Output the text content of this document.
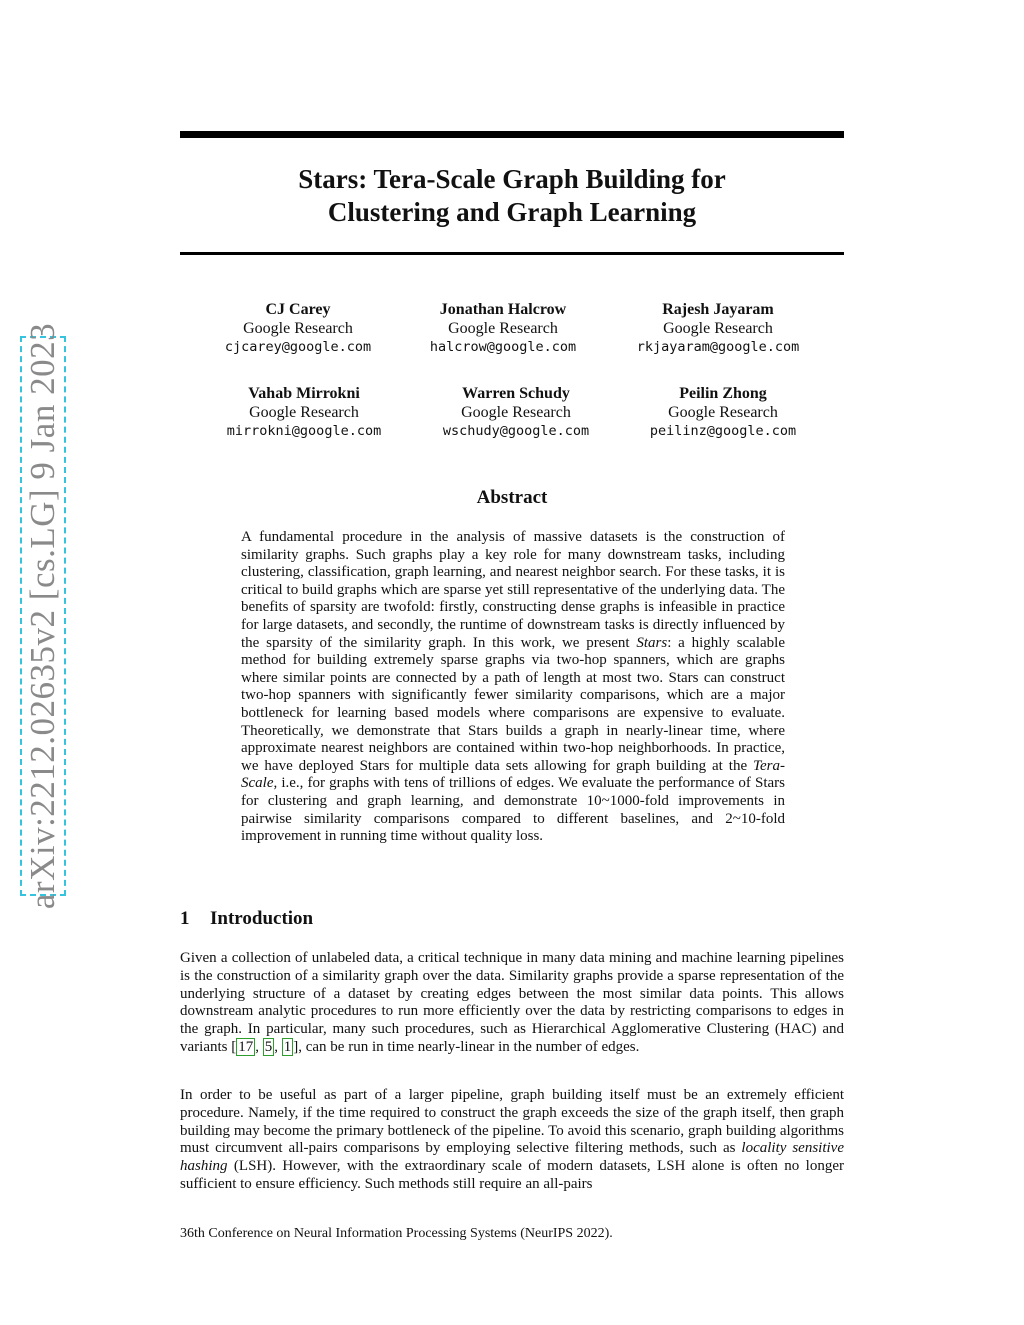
arXiv:2212.02635v2 [cs.LG] 9 Jan 2023
Stars: Tera-Scale Graph Building for
Clustering and Graph Learning
CJ Carey
Google Research
cjcarey@google.com
Jonathan Halcrow
Google Research
halcrow@google.com
Rajesh Jayaram
Google Research
rkjayaram@google.com
Vahab Mirrokni
Google Research
mirrokni@google.com
Warren Schudy
Google Research
wschudy@google.com
Peilin Zhong
Google Research
peilinz@google.com
Abstract

A fundamental procedure in the analysis of massive datasets is the construction of similarity graphs. Such graphs play a key role for many downstream tasks, including clustering, classification, graph learning, and nearest neighbor search. For these tasks, it is critical to build graphs which are sparse yet still representative of the underlying data. The benefits of sparsity are twofold: firstly, constructing dense graphs is infeasible in practice for large datasets, and secondly, the runtime of downstream tasks is directly influenced by the sparsity of the similarity graph. In this work, we present Stars: a highly scalable method for building extremely sparse graphs via two-hop spanners, which are graphs where similar points are connected by a path of length at most two. Stars can construct two-hop spanners with significantly fewer similarity comparisons, which are a major bottleneck for learning based models where comparisons are expensive to evaluate. Theoretically, we demonstrate that Stars builds a graph in nearly-linear time, where approximate nearest neighbors are contained within two-hop neighborhoods. In practice, we have deployed Stars for multiple data sets allowing for graph building at the Tera-Scale, i.e., for graphs with tens of trillions of edges. We evaluate the performance of Stars for clustering and graph learning, and demonstrate 10~1000-fold improvements in pairwise similarity comparisons compared to different baselines, and 2~10-fold improvement in running time without quality loss.

1 Introduction

Given a collection of unlabeled data, a critical technique in many data mining and machine learning pipelines is the construction of a similarity graph over the data. Similarity graphs provide a sparse representation of the underlying structure of a dataset by creating edges between the most similar data points. This allows downstream analytic procedures to run more efficiently over the data by restricting comparisons to edges in the graph. In particular, many such procedures, such as Hierarchical Agglomerative Clustering (HAC) and variants [ 17 , 5 , 1 ], can be run in time nearly-linear in the number of edges.

In order to be useful as part of a larger pipeline, graph building itself must be an extremely efficient procedure. Namely, if the time required to construct the graph exceeds the size of the graph itself, then graph building may become the primary bottleneck of the pipeline. To avoid this scenario, graph building algorithms must circumvent all-pairs comparisons by employing selective filtering methods, such as locality sensitive hashing (LSH). However, with the extraordinary scale of modern datasets, LSH alone is often no longer sufficient to ensure efficiency. Such methods still require an all-pairs

36th Conference on Neural Information Processing Systems (NeurIPS 2022).
